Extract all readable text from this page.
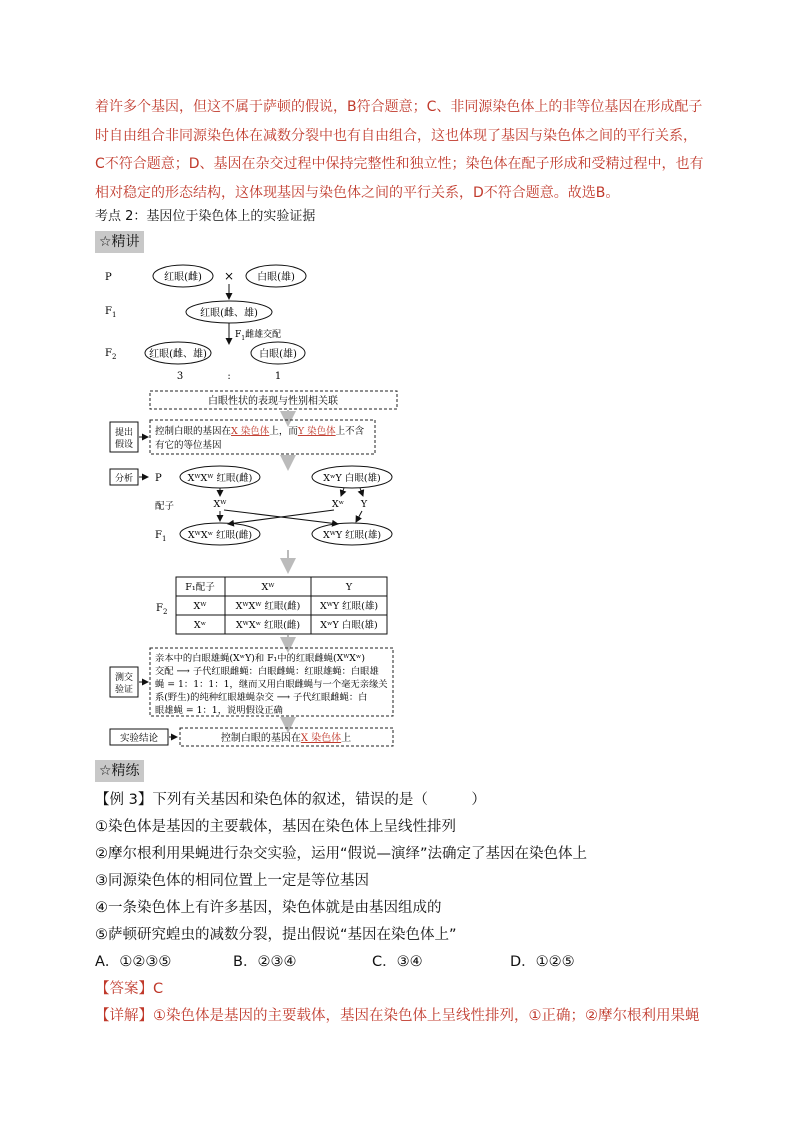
着许多个基因，但这不属于萨顿的假说，B符合题意；C、非同源染色体上的非等位基因在形成配子时自由组合非同源染色体在减数分裂中也有自由组合，这也体现了基因与染色体之间的平行关系，C不符合题意；D、基因在杂交过程中保持完整性和独立性；染色体在配子形成和受精过程中，也有相对稳定的形态结构，这体现基因与染色体之间的平行关系，D不符合题意。故选B。
考点 2：基因位于染色体上的实验证据
☆精讲
P	红眼(雌) × 白眼(雄)
$F_1$	红眼(雌、雄)
$F_1$雌雄交配
$F_2$	红眼(雌、雄)	白眼(雄)
3	:	1
白眼性状的表现与性别相关联
提出
假设
控制白眼的基因在X 染色体上，而Y 染色体上不含
有它的等位基因
分析 P	XᵂXᵂ 红眼(雌)	XʷY 白眼(雄)
配子	Xᵂ	Xʷ Y
$F_1$ XᵂXʷ 红眼(雌)	XᵂY 红眼(雄)
$F_2$
F₁配子	Xᵂ	Y
Xᵂ	XᵂXᵂ 红眼(雌) XᵂY 红眼(雄)
Xʷ	XᵂXʷ 红眼(雌) XʷY 白眼(雄)
测交
验证
亲本中的白眼雄蝇(XʷY)和 F₁中的红眼雌蝇(XᵂXʷ)
交配 ⟶ 子代红眼雌蝇：白眼雌蝇：红眼雄蝇：白眼雄
蝇 = 1：1：1：1，继而又用白眼雌蝇与一个毫无亲缘关
系(野生)的纯种红眼雄蝇杂交 ⟶ 子代红眼雌蝇：白
眼雄蝇 = 1：1，说明假设正确
实验结论	控制白眼的基因在X 染色体上
☆精练
【例 3】下列有关基因和染色体的叙述，错误的是（　　　）
①染色体是基因的主要载体，基因在染色体上呈线性排列
②摩尔根利用果蝇进行杂交实验，运用“假说—演绎”法确定了基因在染色体上
③同源染色体的相同位置上一定是等位基因
④一条染色体上有许多基因，染色体就是由基因组成的
⑤萨顿研究蝗虫的减数分裂，提出假说“基因在染色体上”
A．①②③⑤	B．②③④	C．③④	D．①②⑤
【答案】C
【详解】①染色体是基因的主要载体，基因在染色体上呈线性排列，①正确；②摩尔根利用果蝇
